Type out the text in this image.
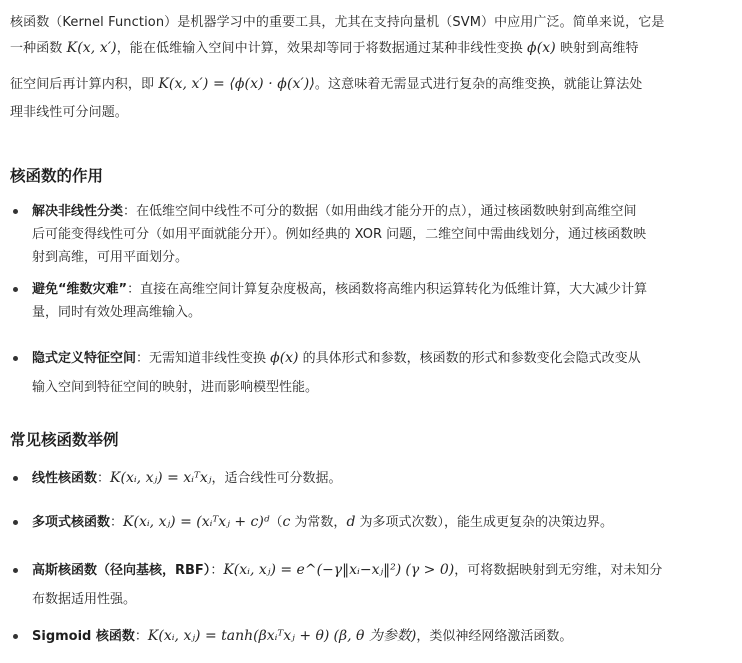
核函数（Kernel Function）是机器学习中的重要工具，尤其在支持向量机（SVM）中应用广泛。简单来说，它是
一种函数 K(x, x′)，能在低维输入空间中计算，效果却等同于将数据通过某种非线性变换 ϕ(x) 映射到高维特
征空间后再计算内积，即 K(x, x′) = ⟨ϕ(x) · ϕ(x′)⟩。这意味着无需显式进行复杂的高维变换，就能让算法处
理非线性可分问题。
核函数的作用
解决非线性分类：在低维空间中线性不可分的数据（如用曲线才能分开的点），通过核函数映射到高维空间
后可能变得线性可分（如用平面就能分开）。例如经典的 XOR 问题，二维空间中需曲线划分，通过核函数映
射到高维，可用平面划分。
避免“维数灾难”：直接在高维空间计算复杂度极高，核函数将高维内积运算转化为低维计算，大大减少计算
量，同时有效处理高维输入。
隐式定义特征空间：无需知道非线性变换 ϕ(x) 的具体形式和参数，核函数的形式和参数变化会隐式改变从
输入空间到特征空间的映射，进而影响模型性能。
常见核函数举例
线性核函数：K(xᵢ, xⱼ) = xᵢᵀxⱼ，适合线性可分数据。
多项式核函数：K(xᵢ, xⱼ) = (xᵢᵀxⱼ + c)ᵈ（c 为常数，d 为多项式次数），能生成更复杂的决策边界。
高斯核函数（径向基核，RBF）：K(xᵢ, xⱼ) = e^(−γ‖xᵢ−xⱼ‖²) (γ > 0)，可将数据映射到无穷维，对未知分
布数据适用性强。
Sigmoid 核函数：K(xᵢ, xⱼ) = tanh(βxᵢᵀxⱼ + θ) (β, θ 为参数)，类似神经网络激活函数。
